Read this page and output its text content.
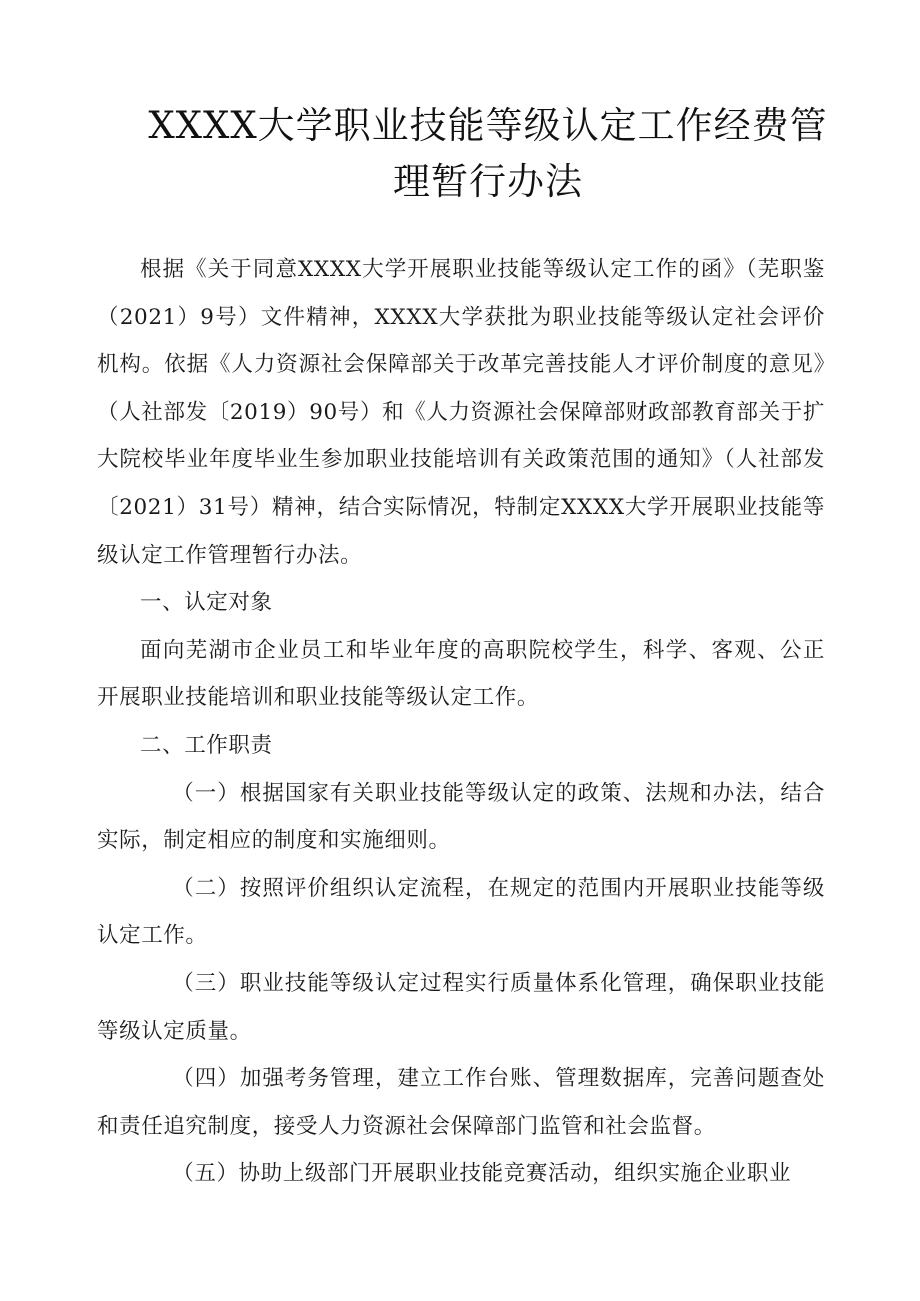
XXXX大学职业技能等级认定工作经费管理暂行办法

根据《关于同意XXXX大学开展职业技能等级认定工作的函》（芜职鉴（2021）9号）文件精神，XXXX大学获批为职业技能等级认定社会评价机构。依据《人力资源社会保障部关于改革完善技能人才评价制度的意见》（人社部发〔2019）90号）和《人力资源社会保障部财政部教育部关于扩大院校毕业年度毕业生参加职业技能培训有关政策范围的通知》（人社部发〔2021）31号）精神，结合实际情况，特制定XXXX大学开展职业技能等级认定工作管理暂行办法。

一、认定对象

面向芜湖市企业员工和毕业年度的高职院校学生，科学、客观、公正开展职业技能培训和职业技能等级认定工作。

二、工作职责

（一）根据国家有关职业技能等级认定的政策、法规和办法，结合实际，制定相应的制度和实施细则。

（二）按照评价组织认定流程，在规定的范围内开展职业技能等级认定工作。

（三）职业技能等级认定过程实行质量体系化管理，确保职业技能等级认定质量。

（四）加强考务管理，建立工作台账、管理数据库，完善问题查处和责任追究制度，接受人力资源社会保障部门监管和社会监督。

（五）协助上级部门开展职业技能竞赛活动，组织实施企业职业
